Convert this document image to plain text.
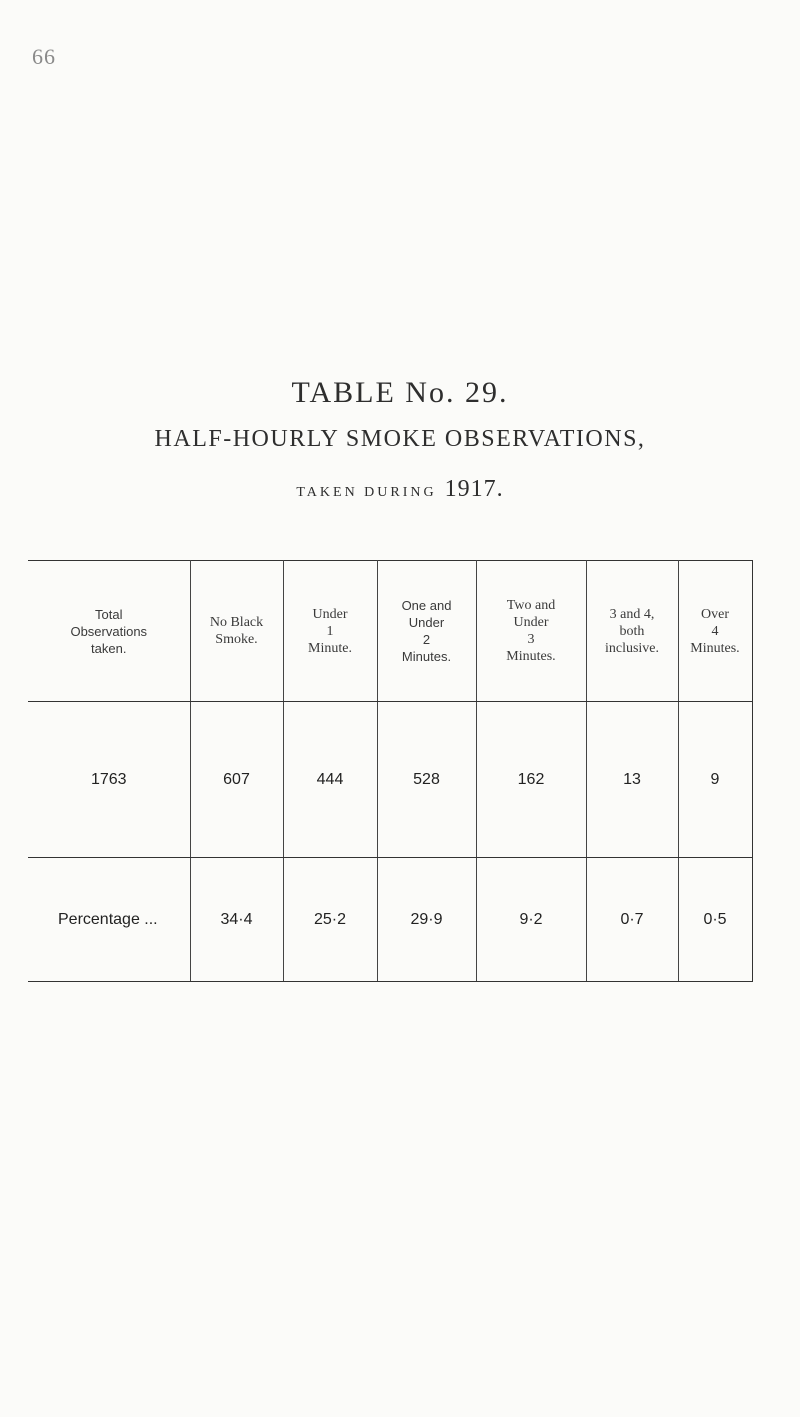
66
TABLE No. 29.
HALF-HOURLY SMOKE OBSERVATIONS,
TAKEN DURING 1917.
Total
Observations
taken.	No Black
Smoke.	Under
1
Minute.	One and
Under
2
Minutes.	Two and
Under
3
Minutes.	3 and 4,
both
inclusive.	Over
4
Minutes.

1763	607	444	528	162	13	9
Percentage ...	34·4	25·2	29·9	9·2	0·7	0·5
